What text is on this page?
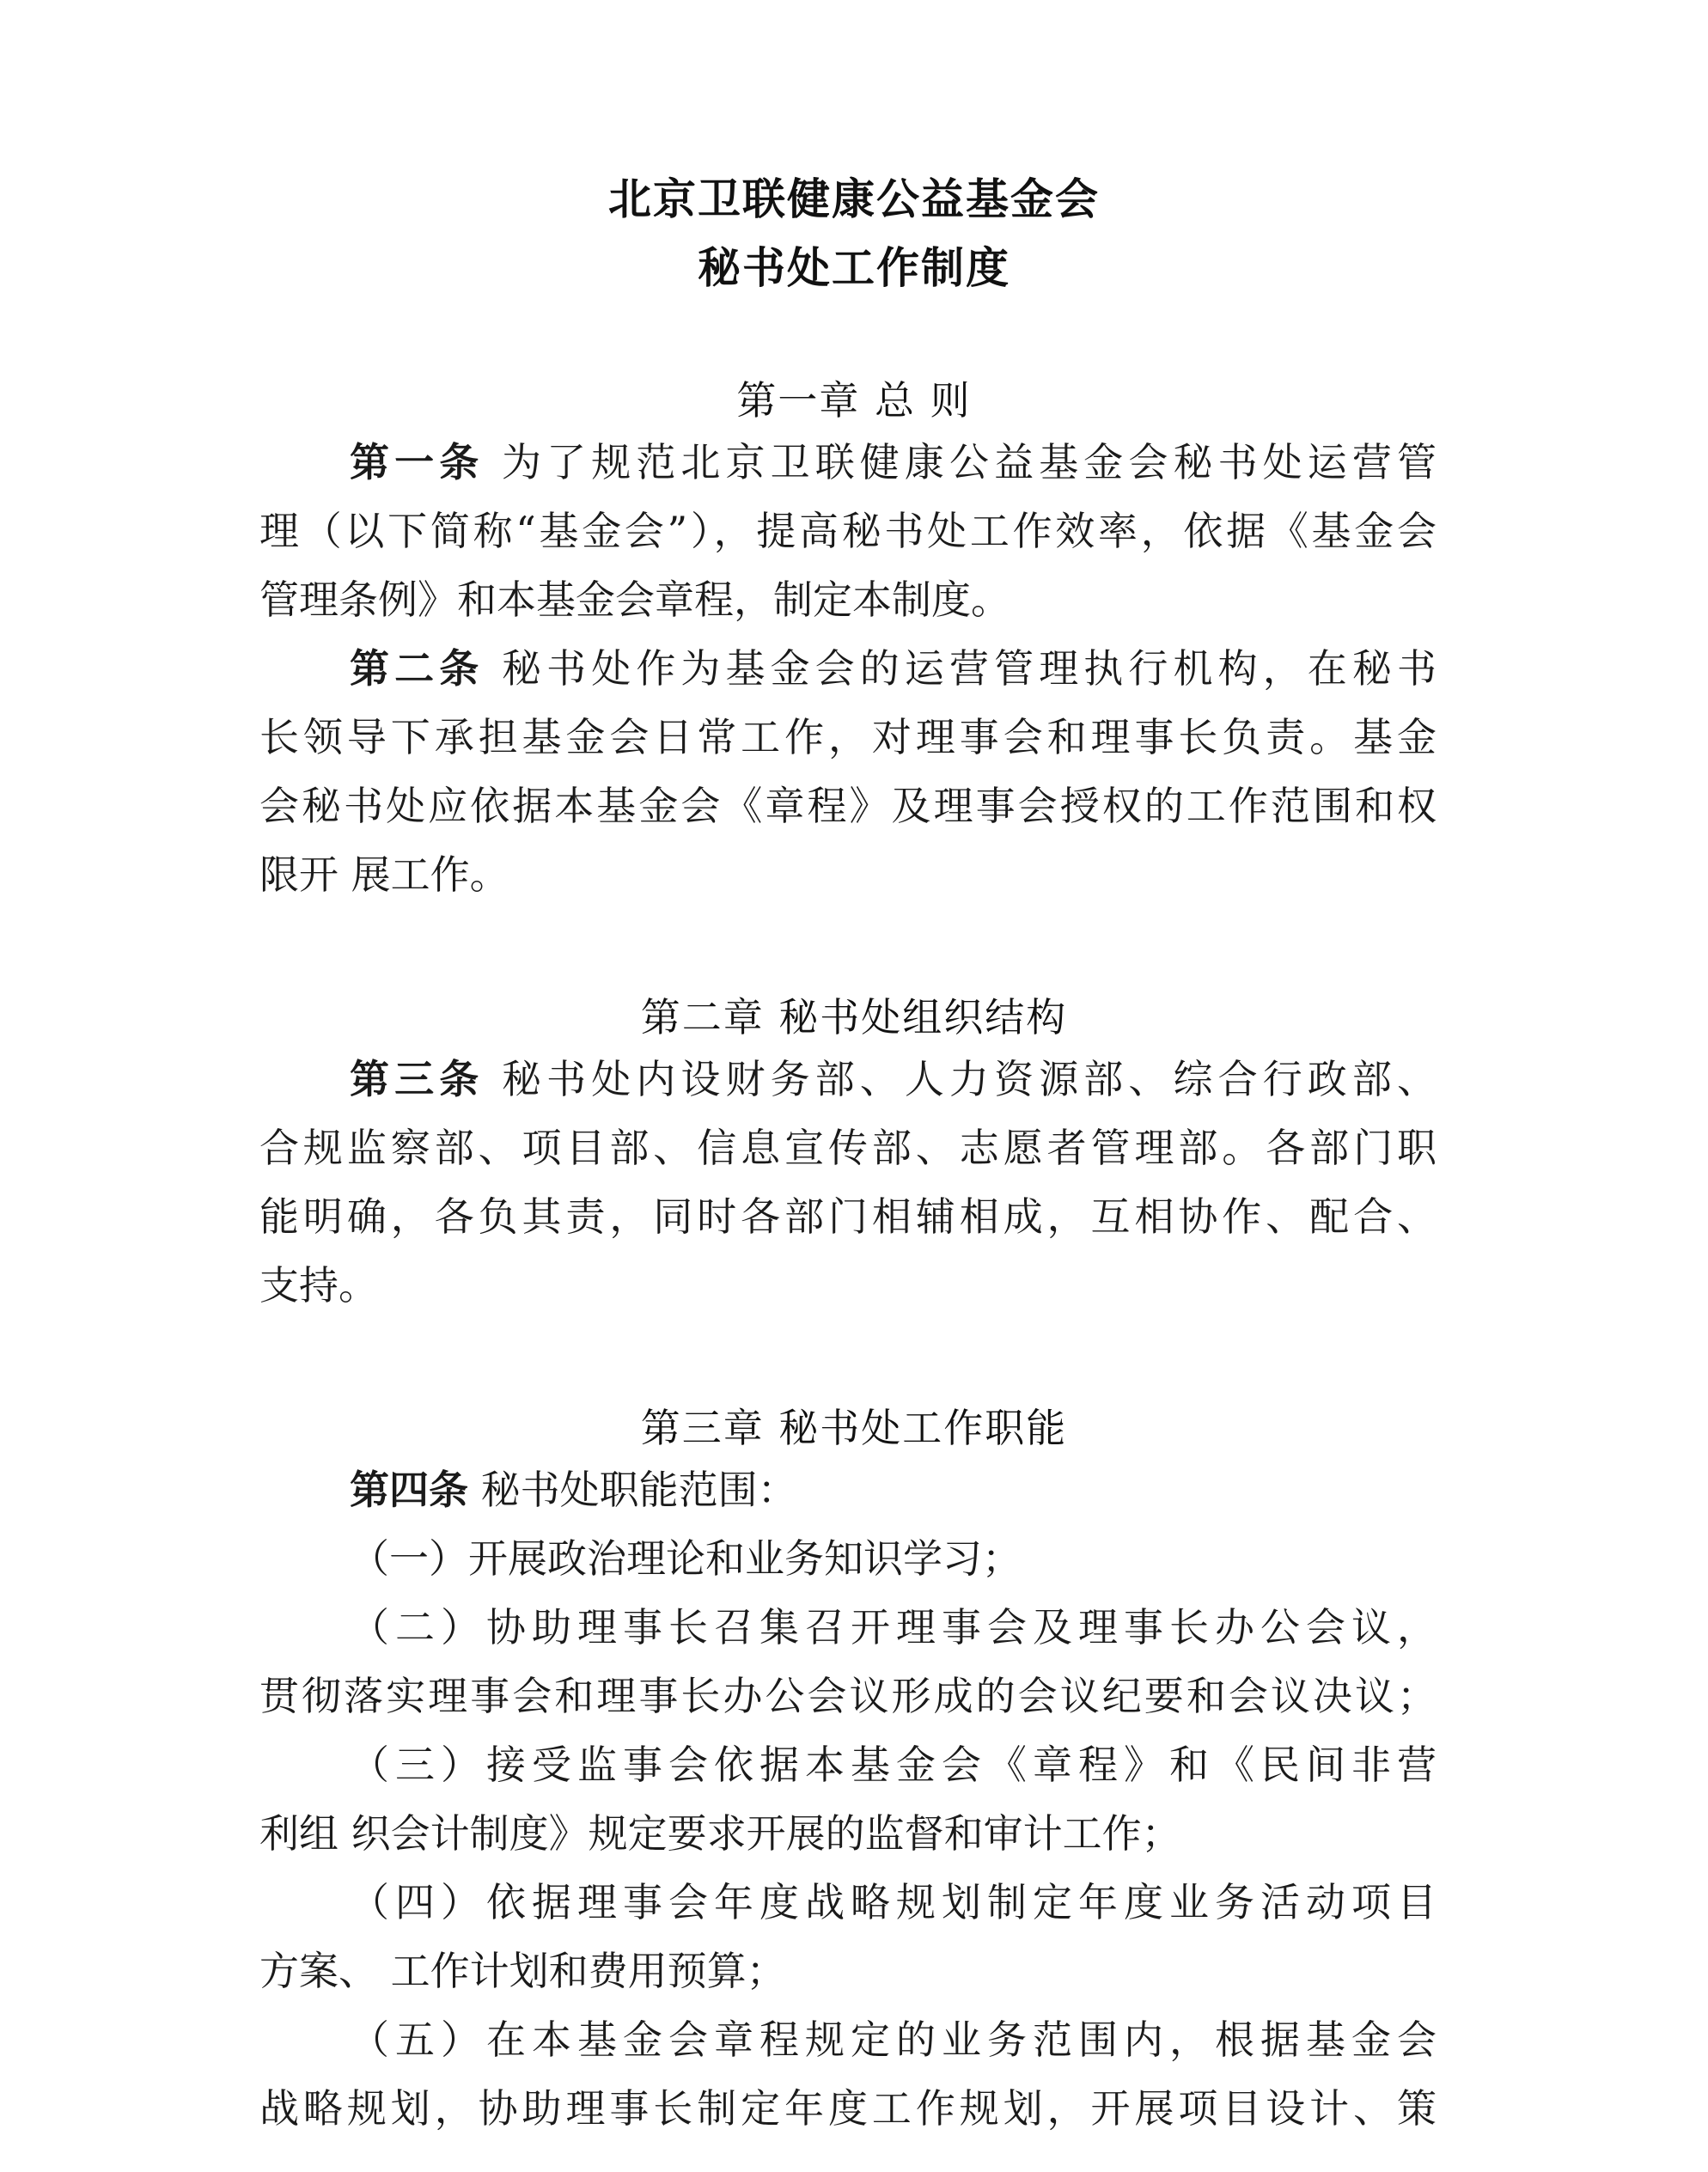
北京卫联健康公益基金会
秘书处工作制度
第一章 总 则
第一条 为了规范北京卫联健康公益基金会秘书处运营管
理（以下简称“基金会”），提高秘书处工作效率，依据《基金会
管理条例》和本基金会章程，制定本制度。
第二条 秘书处作为基金会的运营管理执行机构，在秘书
长领导下承担基金会日常工作，对理事会和理事长负责。基金
会秘书处应依据本基金会《章程》及理事会授权的工作范围和权
限开 展工作。
第二章 秘书处组织结构
第三条 秘书处内设财务部、人力资源部、综合行政部、
合规监察部、项目部、信息宣传部、志愿者管理部。各部门职
能明确，各负其责，同时各部门相辅相成，互相协作、配合、
支持。
第三章 秘书处工作职能
第四条 秘书处职能范围：
（一）开展政治理论和业务知识学习；
（二）协助理事长召集召开理事会及理事长办公会议，
贯彻落实理事会和理事长办公会议形成的会议纪要和会议决议；
（三）接受监事会依据本基金会《章程》和《民间非营
利组 织会计制度》规定要求开展的监督和审计工作；
（四）依据理事会年度战略规划制定年度业务活动项目
方案、 工作计划和费用预算；
（五）在本基金会章程规定的业务范围内，根据基金会
战略规划，协助理事长制定年度工作规划，开展项目设计、策
